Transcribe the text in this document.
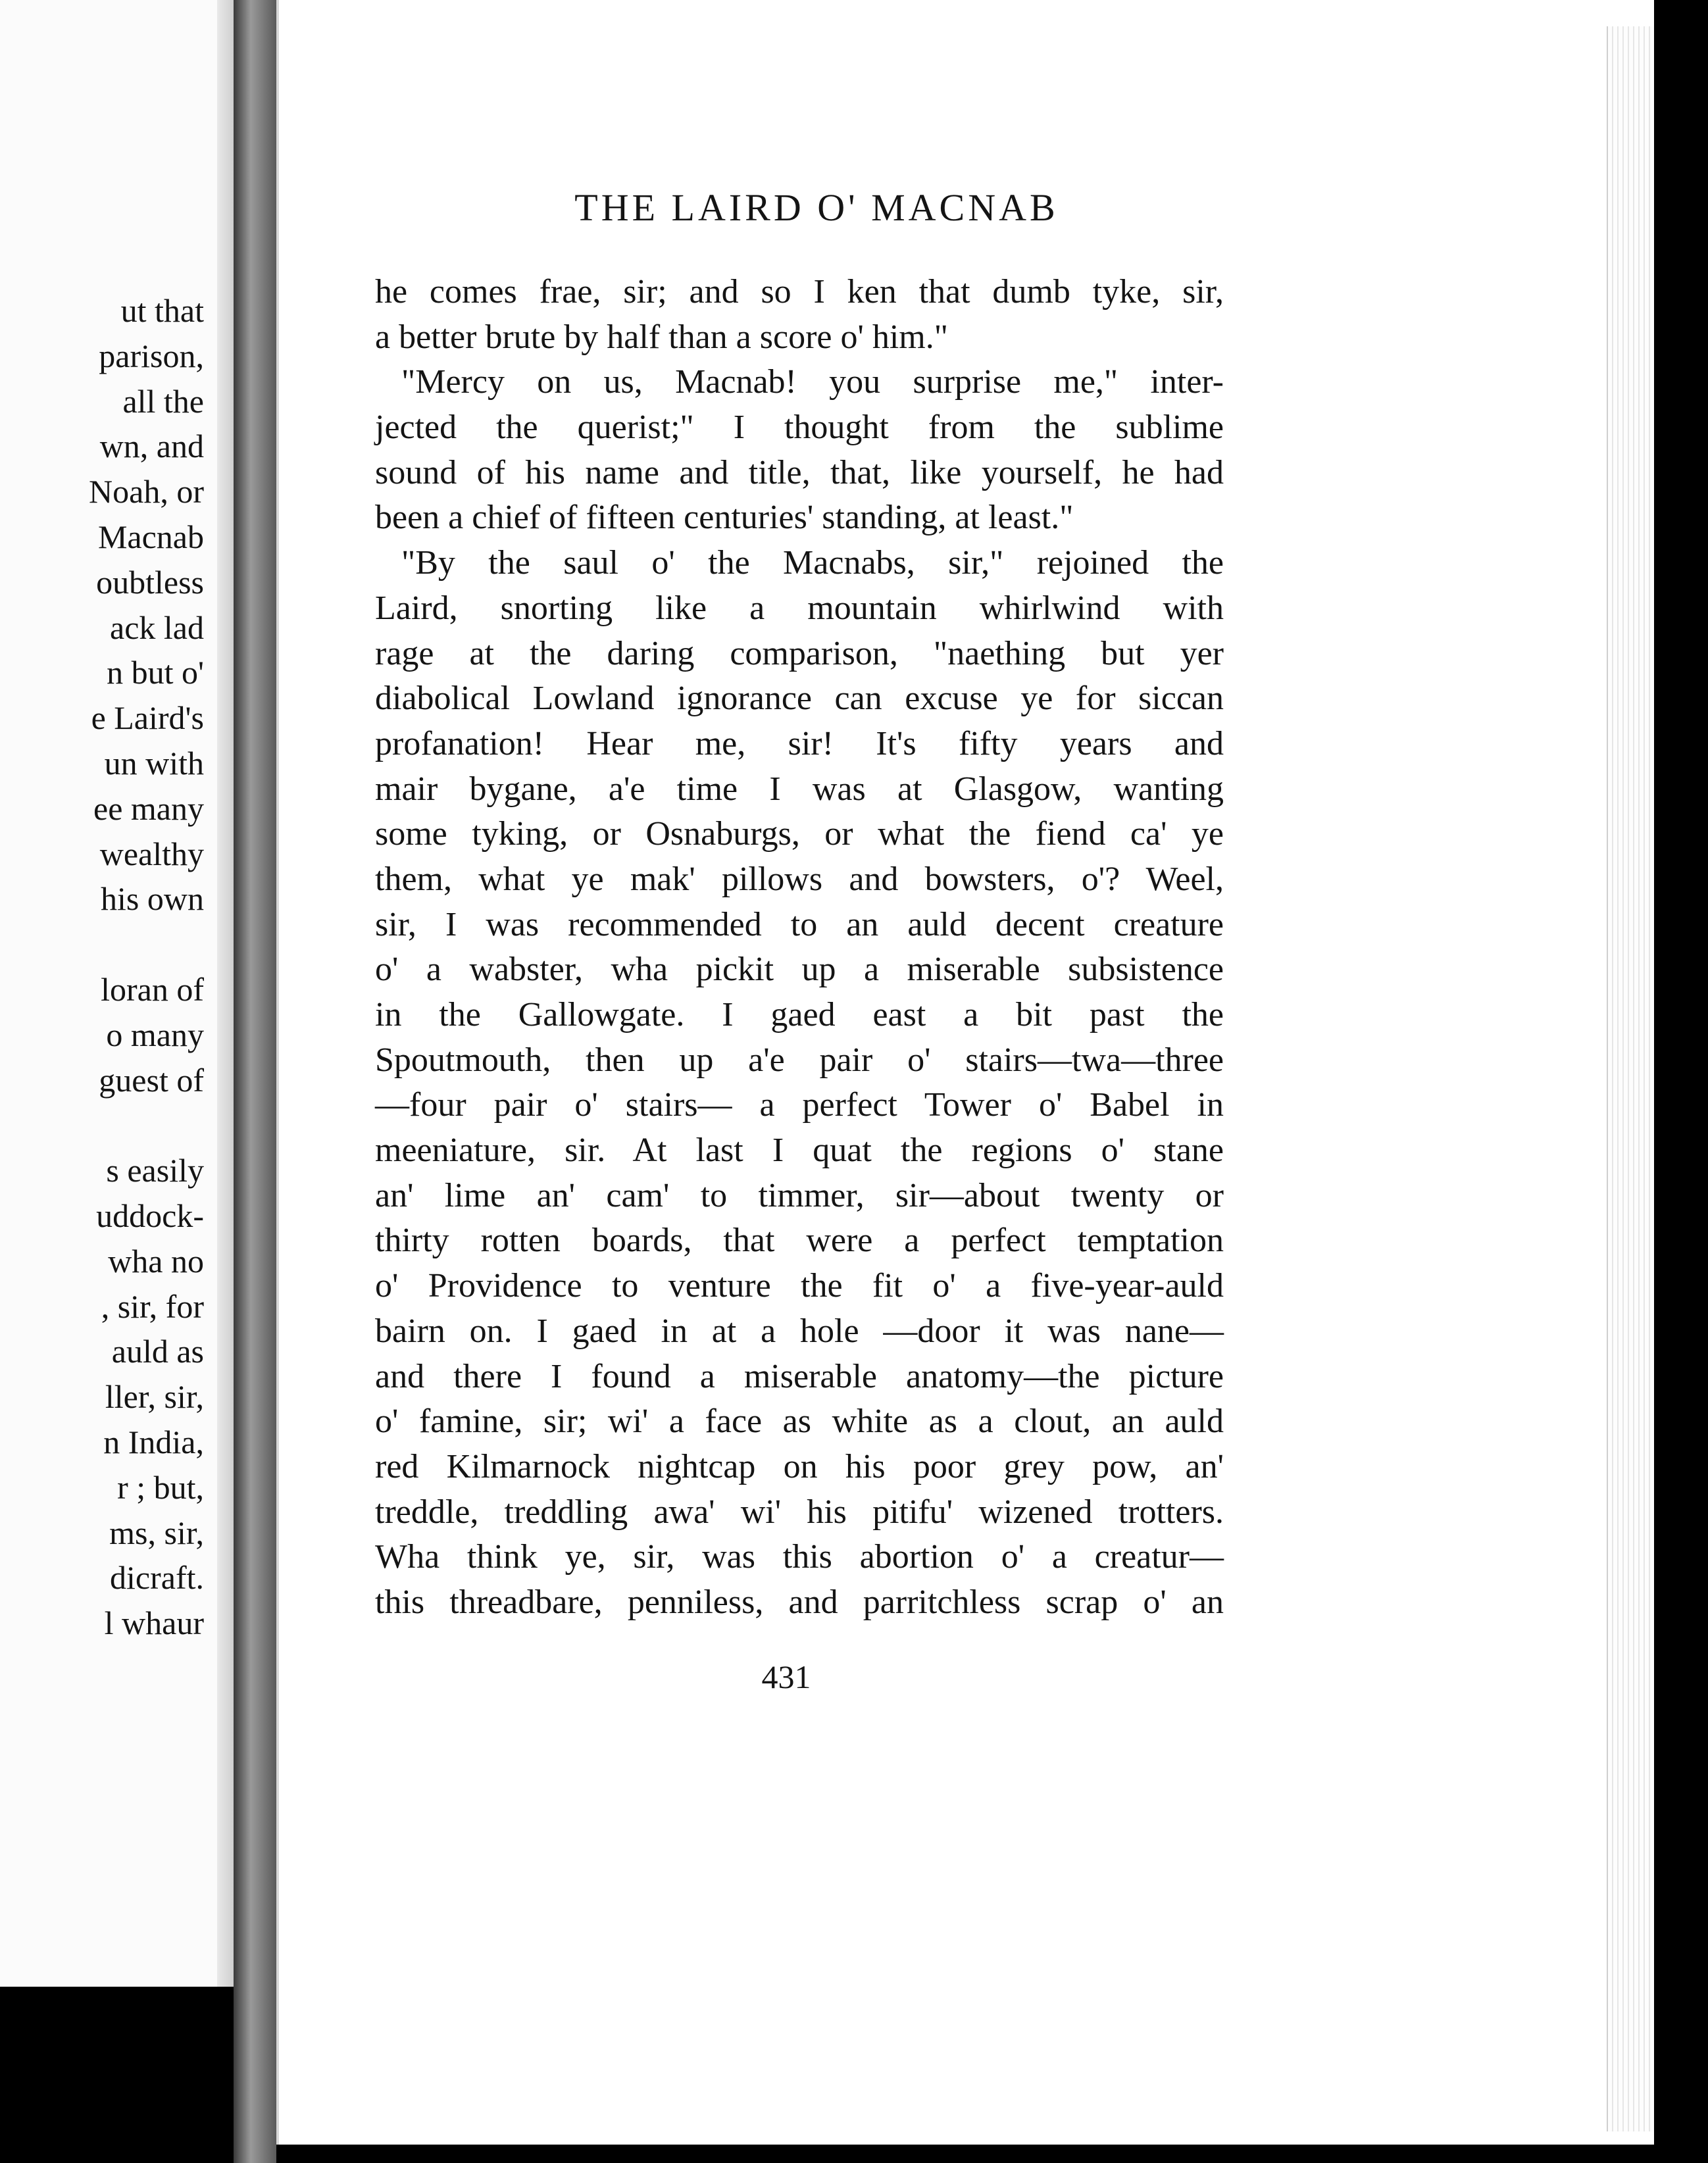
ut that
parison,
all the
wn, and
Noah, or
Macnab
oubtless
ack lad
n but o'
e Laird's
un with
ee many
wealthy
his own
loran of
o many
guest of
s easily
uddock-
wha no
, sir, for
auld as
ller, sir,
n India,
r ; but,
ms, sir,
dicraft.
l whaur
THE LAIRD O' MACNAB
he comes frae, sir; and so I ken that dumb tyke, sir,
a better brute by half than a score o' him."
"Mercy on us, Macnab! you surprise me," inter-
jected the querist;" I thought from the sublime
sound of his name and title, that, like yourself, he had
been a chief of fifteen centuries' standing, at least."
"By the saul o' the Macnabs, sir," rejoined the
Laird, snorting like a mountain whirlwind with
rage at the daring comparison, "naething but yer
diabolical Lowland ignorance can excuse ye for siccan
profanation! Hear me, sir! It's fifty years and
mair bygane, a'e time I was at Glasgow, wanting
some tyking, or Osnaburgs, or what the fiend ca' ye
them, what ye mak' pillows and bowsters, o'? Weel,
sir, I was recommended to an auld decent creature
o' a wabster, wha pickit up a miserable subsistence
in the Gallowgate. I gaed east a bit past the
Spoutmouth, then up a'e pair o' stairs—twa—three
—four pair o' stairs— a perfect Tower o' Babel in
meeniature, sir. At last I quat the regions o' stane
an' lime an' cam' to timmer, sir—about twenty or
thirty rotten boards, that were a perfect temptation
o' Providence to venture the fit o' a five-year-auld
bairn on. I gaed in at a hole —door it was nane—
and there I found a miserable anatomy—the picture
o' famine, sir; wi' a face as white as a clout, an auld
red Kilmarnock nightcap on his poor grey pow, an'
treddle, treddling awa' wi' his pitifu' wizened trotters.
Wha think ye, sir, was this abortion o' a creatur—
this threadbare, penniless, and parritchless scrap o' an
431
